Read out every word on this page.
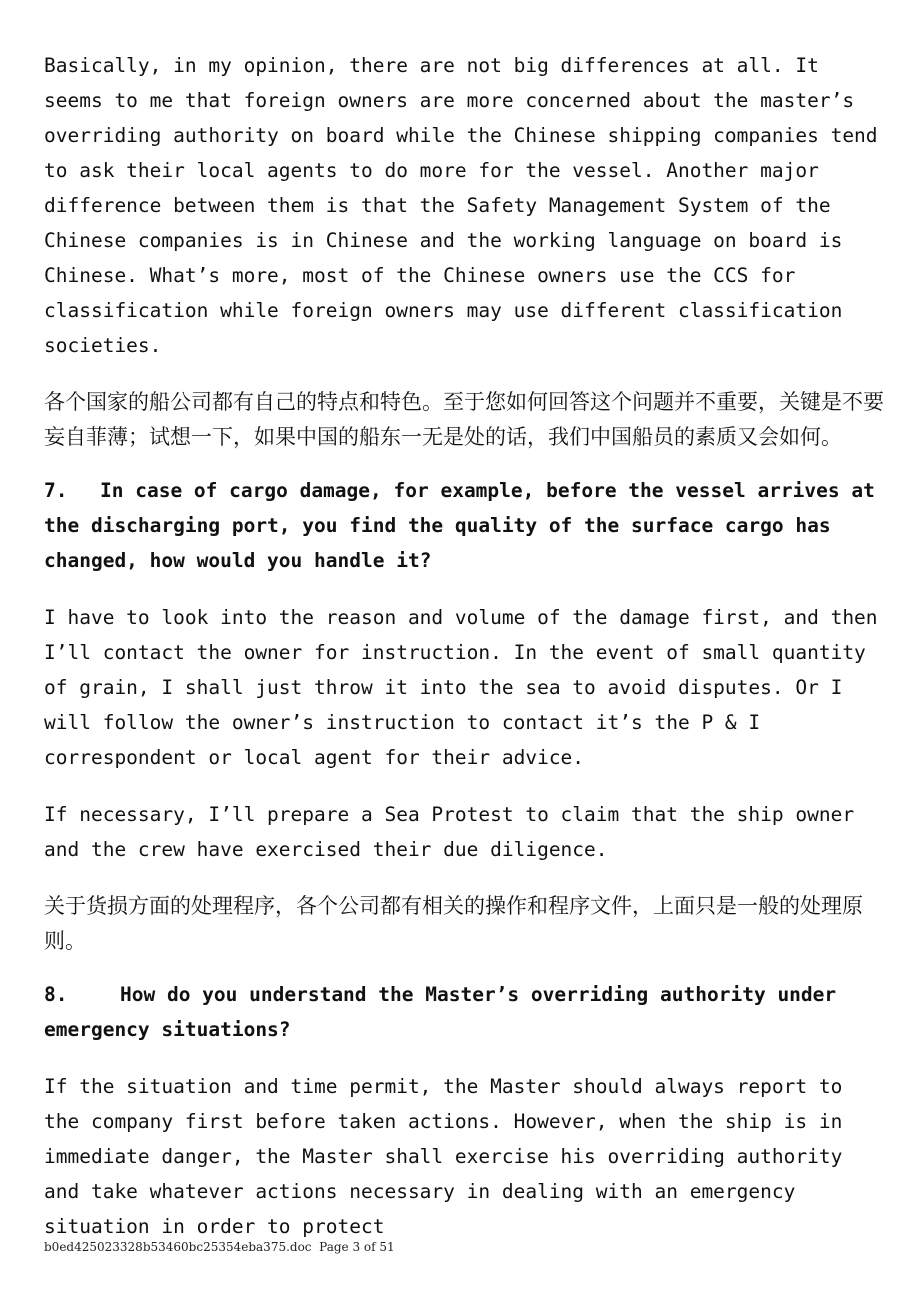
Basically, in my opinion, there are not big differences at all. It seems to me that foreign owners are more concerned about the master’s overriding authority on board while the Chinese shipping companies tend to ask their local agents to do more for the vessel. Another major difference between them is that the Safety Management System of the Chinese companies is in Chinese and the working language on board is Chinese. What’s more, most of the Chinese owners use the CCS for classification while foreign owners may use different classification societies.

各个国家的船公司都有自己的特点和特色。至于您如何回答这个问题并不重要，关键是不要妄自菲薄；试想一下，如果中国的船东一无是处的话，我们中国船员的素质又会如何。

7. In case of cargo damage, for example, before the vessel arrives at the discharging port, you find the quality of the surface cargo has changed, how would you handle it?

I have to look into the reason and volume of the damage first, and then I’ll contact the owner for instruction. In the event of small quantity of grain, I shall just throw it into the sea to avoid disputes. Or I will follow the owner’s instruction to contact it’s the P & I correspondent or local agent for their advice.

If necessary, I’ll prepare a Sea Protest to claim that the ship owner and the crew have exercised their due diligence.

关于货损方面的处理程序，各个公司都有相关的操作和程序文件，上面只是一般的处理原则。

8.	How do you understand the Master’s overriding authority under emergency situations?

If the situation and time permit, the Master should always report to the company first before taken actions. However, when the ship is in immediate danger, the Master shall exercise his overriding authority and take whatever actions necessary in dealing with an emergency situation in order to protect

b0ed425023328b53460bc25354eba375.doc Page 3 of 51
